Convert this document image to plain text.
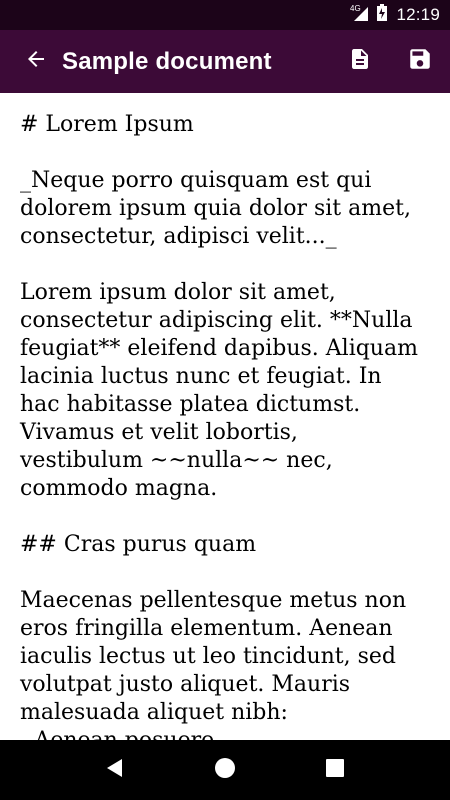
4G 12:19
Sample document

# Lorem Ipsum

_Neque porro quisquam est qui
dolorem ipsum quia dolor sit amet,
consectetur, adipisci velit..._

Lorem ipsum dolor sit amet,
consectetur adipiscing elit. **Nulla
feugiat** eleifend dapibus. Aliquam
lacinia luctus nunc et feugiat. In
hac habitasse platea dictumst.
Vivamus et velit lobortis,
vestibulum ~~nulla~~ nec,
commodo magna.

## Cras purus quam

Maecenas pellentesque metus non
eros fringilla elementum. Aenean
iaculis lectus ut leo tincidunt, sed
volutpat justo aliquet. Mauris
malesuada aliquet nibh:
